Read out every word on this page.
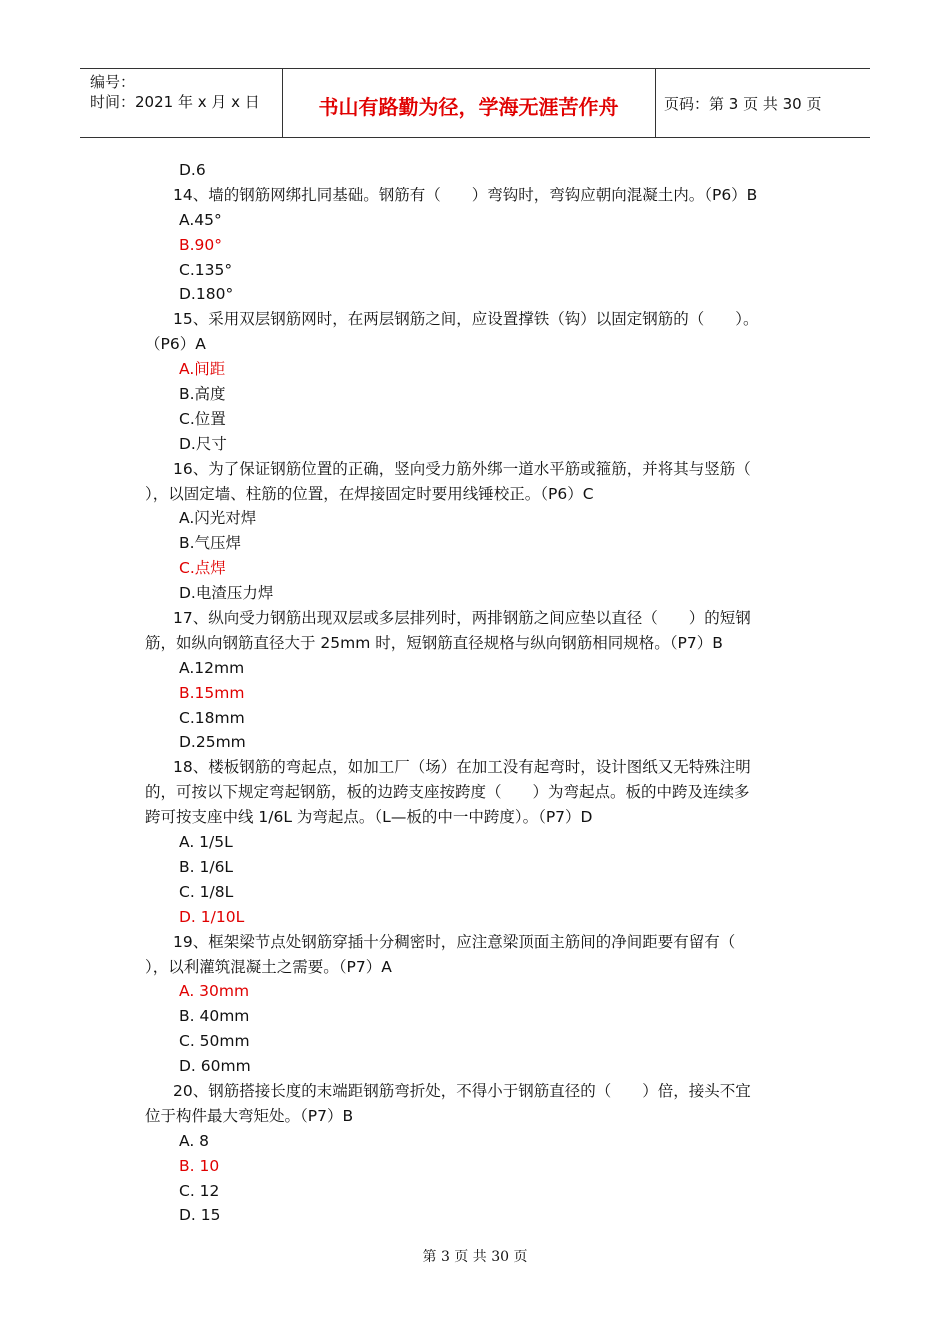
编号：
时间：2021 年 x 月 x 日	书山有路勤为径，学海无涯苦作舟	页码：第 3 页 共 30 页
D.6
14、墙的钢筋网绑扎同基础。钢筋有（　　）弯钩时，弯钩应朝向混凝土内。（P6）B
A.45°
B.90°
C.135°
D.180°
15、采用双层钢筋网时，在两层钢筋之间，应设置撑铁（钩）以固定钢筋的（　　）。
（P6）A
A.间距
B.高度
C.位置
D.尺寸
16、为了保证钢筋位置的正确，竖向受力筋外绑一道水平筋或箍筋，并将其与竖筋（
），以固定墙、柱筋的位置，在焊接固定时要用线锤校正。（P6）C
A.闪光对焊
B.气压焊
C.点焊
D.电渣压力焊
17、纵向受力钢筋出现双层或多层排列时，两排钢筋之间应垫以直径（　　）的短钢
筋，如纵向钢筋直径大于 25mm 时，短钢筋直径规格与纵向钢筋相同规格。（P7）B
A.12mm
B.15mm
C.18mm
D.25mm
18、楼板钢筋的弯起点，如加工厂（场）在加工没有起弯时，设计图纸又无特殊注明
的，可按以下规定弯起钢筋，板的边跨支座按跨度（　　）为弯起点。板的中跨及连续多
跨可按支座中线 1/6L 为弯起点。（L—板的中一中跨度）。（P7）D
A. 1/5L
B. 1/6L
C. 1/8L
D. 1/10L
19、框架梁节点处钢筋穿插十分稠密时，应注意梁顶面主筋间的净间距要有留有（
），以利灌筑混凝土之需要。（P7）A
A. 30mm
B. 40mm
C. 50mm
D. 60mm
20、钢筋搭接长度的末端距钢筋弯折处，不得小于钢筋直径的（　　）倍，接头不宜
位于构件最大弯矩处。（P7）B
A. 8
B. 10
C. 12
D. 15
第 3 页 共 30 页
